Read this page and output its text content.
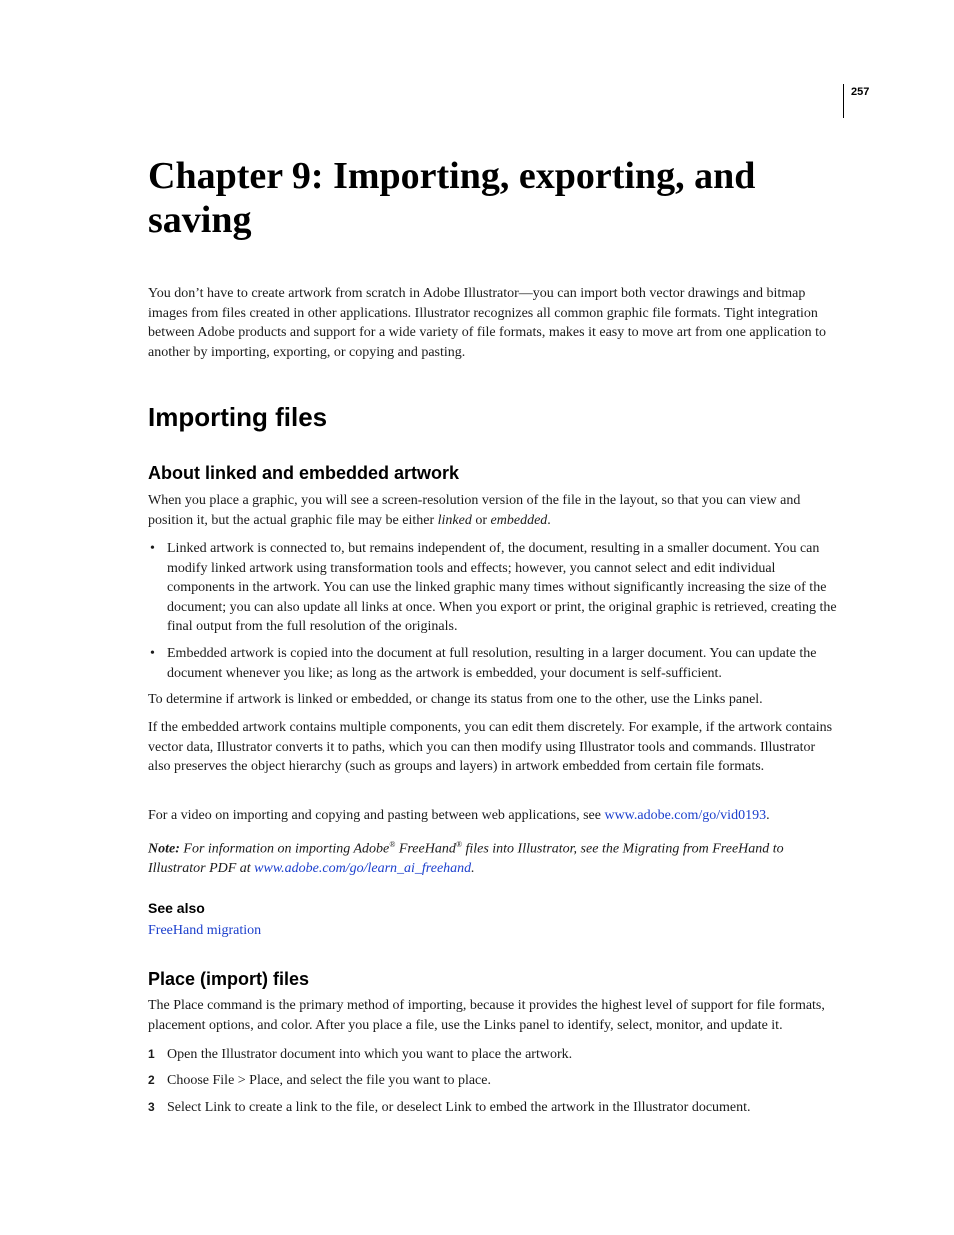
257
Chapter 9: Importing, exporting, and saving

You don’t have to create artwork from scratch in Adobe Illustrator—you can import both vector drawings and bitmap images from files created in other applications. Illustrator recognizes all common graphic file formats. Tight integration between Adobe products and support for a wide variety of file formats, makes it easy to move art from one application to another by importing, exporting, or copying and pasting.

Importing files
About linked and embedded artwork

When you place a graphic, you will see a screen-resolution version of the file in the layout, so that you can view and position it, but the actual graphic file may be either linked or embedded.

• Linked artwork is connected to, but remains independent of, the document, resulting in a smaller document. You can modify linked artwork using transformation tools and effects; however, you cannot select and edit individual components in the artwork. You can use the linked graphic many times without significantly increasing the size of the document; you can also update all links at once. When you export or print, the original graphic is retrieved, creating the final output from the full resolution of the originals.
• Embedded artwork is copied into the document at full resolution, resulting in a larger document. You can update the document whenever you like; as long as the artwork is embedded, your document is self-sufficient.

To determine if artwork is linked or embedded, or change its status from one to the other, use the Links panel.

If the embedded artwork contains multiple components, you can edit them discretely. For example, if the artwork contains vector data, Illustrator converts it to paths, which you can then modify using Illustrator tools and commands. Illustrator also preserves the object hierarchy (such as groups and layers) in artwork embedded from certain file formats.

For a video on importing and copying and pasting between web applications, see www.adobe.com/go/vid0193.

Note: For information on importing Adobe® FreeHand® files into Illustrator, see the Migrating from FreeHand to Illustrator PDF at www.adobe.com/go/learn_ai_freehand.

See also

FreeHand migration

Place (import) files

The Place command is the primary method of importing, because it provides the highest level of support for file formats, placement options, and color. After you place a file, use the Links panel to identify, select, monitor, and update it.

1 Open the Illustrator document into which you want to place the artwork.
2 Choose File > Place, and select the file you want to place.
3 Select Link to create a link to the file, or deselect Link to embed the artwork in the Illustrator document.
